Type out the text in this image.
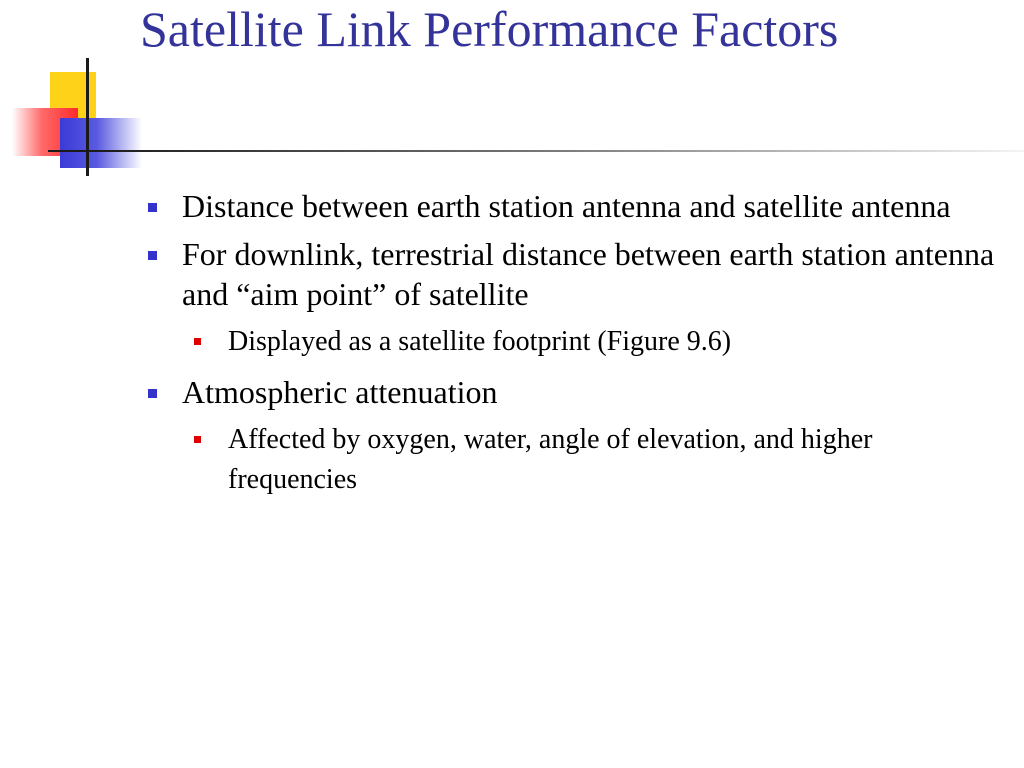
Satellite Link Performance Factors
Distance between earth station antenna and satellite antenna
For downlink, terrestrial distance between earth station antenna and “aim point” of satellite
Displayed as a satellite footprint (Figure 9.6)
Atmospheric attenuation
Affected by oxygen, water, angle of elevation, and higher frequencies
